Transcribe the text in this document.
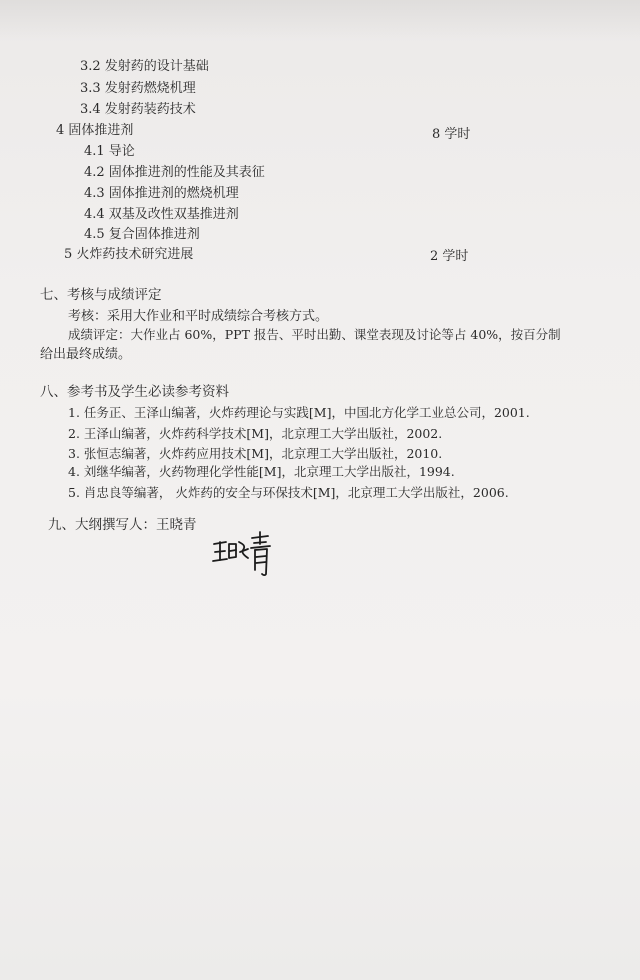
3.2 发射药的设计基础
3.3 发射药燃烧机理
3.4 发射药装药技术
4 固体推进剂	8 学时
4.1 导论
4.2 固体推进剂的性能及其表征
4.3 固体推进剂的燃烧机理
4.4 双基及改性双基推进剂
4.5 复合固体推进剂
5 火炸药技术研究进展	2 学时
七、考核与成绩评定
考核：采用大作业和平时成绩综合考核方式。
成绩评定：大作业占 60%，PPT 报告、平时出勤、课堂表现及讨论等占 40%，按百分制
给出最终成绩。
八、参考书及学生必读参考资料
1. 任务正、王泽山编著，火炸药理论与实践[M]，中国北方化学工业总公司，2001.
2. 王泽山编著，火炸药科学技术[M]，北京理工大学出版社，2002.
3. 张恒志编著，火炸药应用技术[M]，北京理工大学出版社，2010.
4. 刘继华编著，火药物理化学性能[M]，北京理工大学出版社，1994.
5. 肖忠良等编著， 火炸药的安全与环保技术[M]，北京理工大学出版社，2006.
九、大纲撰写人：王晓青
